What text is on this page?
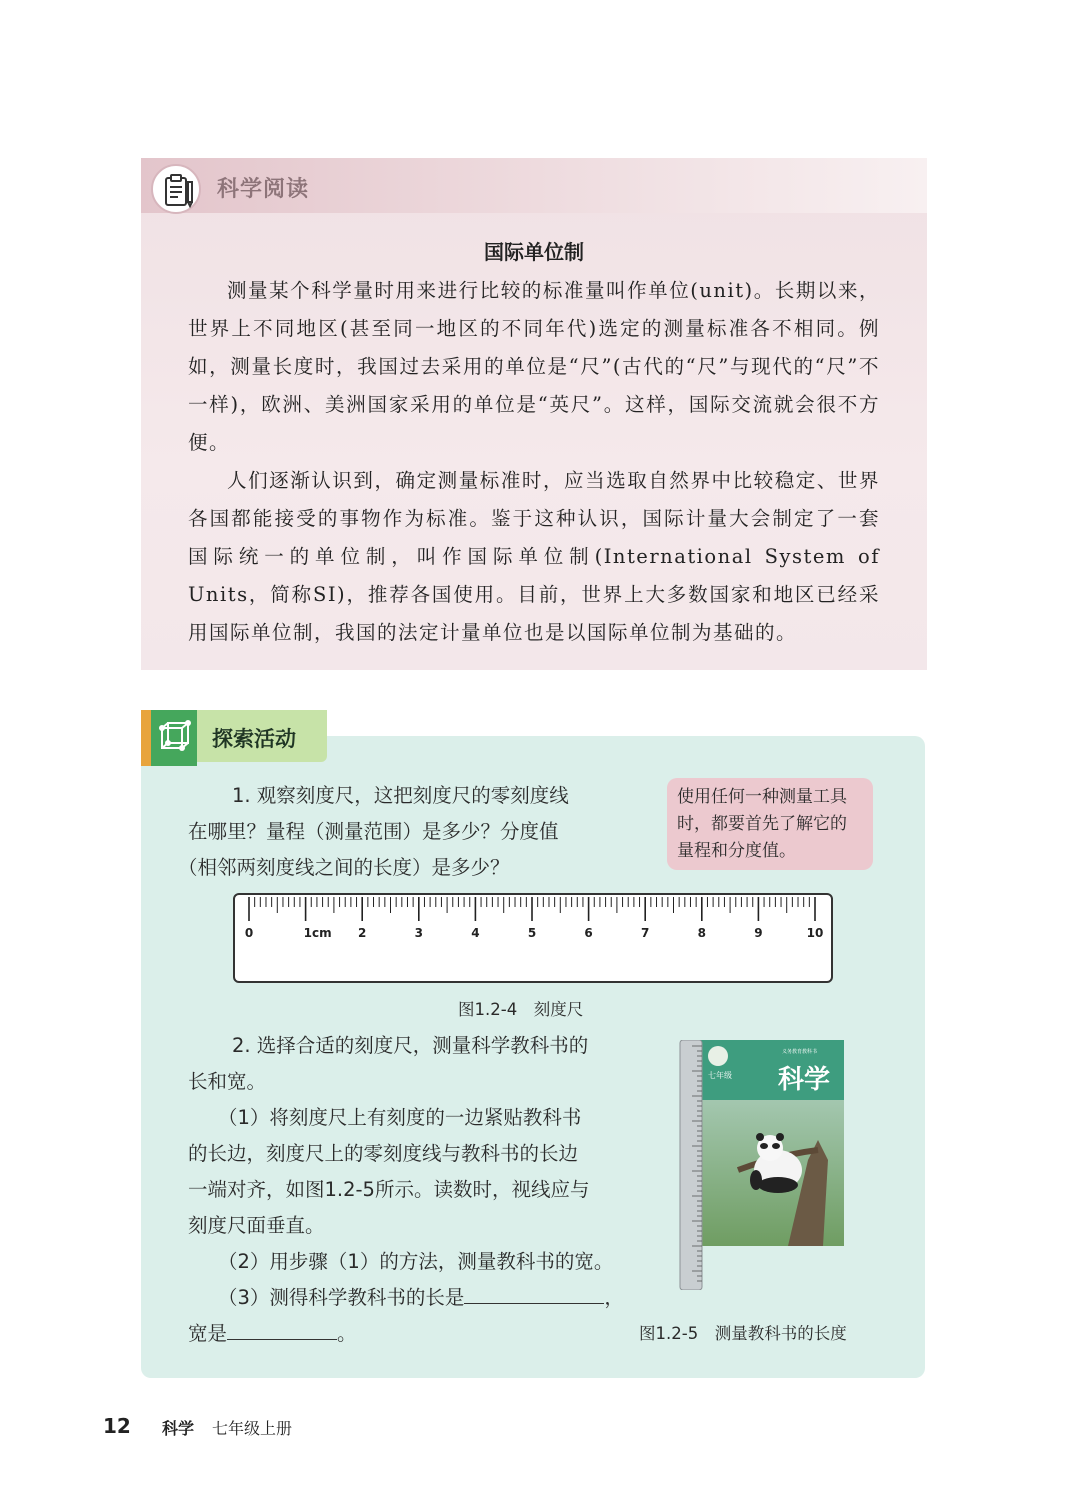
科学阅读
国际单位制

测量某个科学量时用来进行比较的标准量叫作单位(unit)。长期以来，世界上不同地区(甚至同一地区的不同年代)选定的测量标准各不相同。例如，测量长度时，我国过去采用的单位是“尺”(古代的“尺”与现代的“尺”不一样)，欧洲、美洲国家采用的单位是“英尺”。这样，国际交流就会很不方便。

人们逐渐认识到，确定测量标准时，应当选取自然界中比较稳定、世界各国都能接受的事物作为标准。鉴于这种认识，国际计量大会制定了一套国际统一的单位制，叫作国际单位制(International System of Units，简称SI)，推荐各国使用。目前，世界上大多数国家和地区已经采用国际单位制，我国的法定计量单位也是以国际单位制为基础的。

探索活动
1. 观察刻度尺，这把刻度尺的零刻度线
在哪里？量程（测量范围）是多少？分度值
（相邻两刻度线之间的长度）是多少？
使用任何一种测量工具
时，都要首先了解它的
量程和分度值。
0	1cm 2	3	4	5	6	7	8	9	10
图1.2-4　刻度尺
2. 选择合适的刻度尺，测量科学教科书的
长和宽。
（1）将刻度尺上有刻度的一边紧贴教科书
的长边，刻度尺上的零刻度线与教科书的长边
一端对齐，如图1.2-5所示。读数时，视线应与
刻度尺面垂直。
（2）用步骤（1）的方法，测量教科书的宽。
（3）测得科学教科书的长是	，
宽是	。
义务教育教科书
七年级 科学
图1.2-5　测量教科书的长度
12 科学 七年级上册
